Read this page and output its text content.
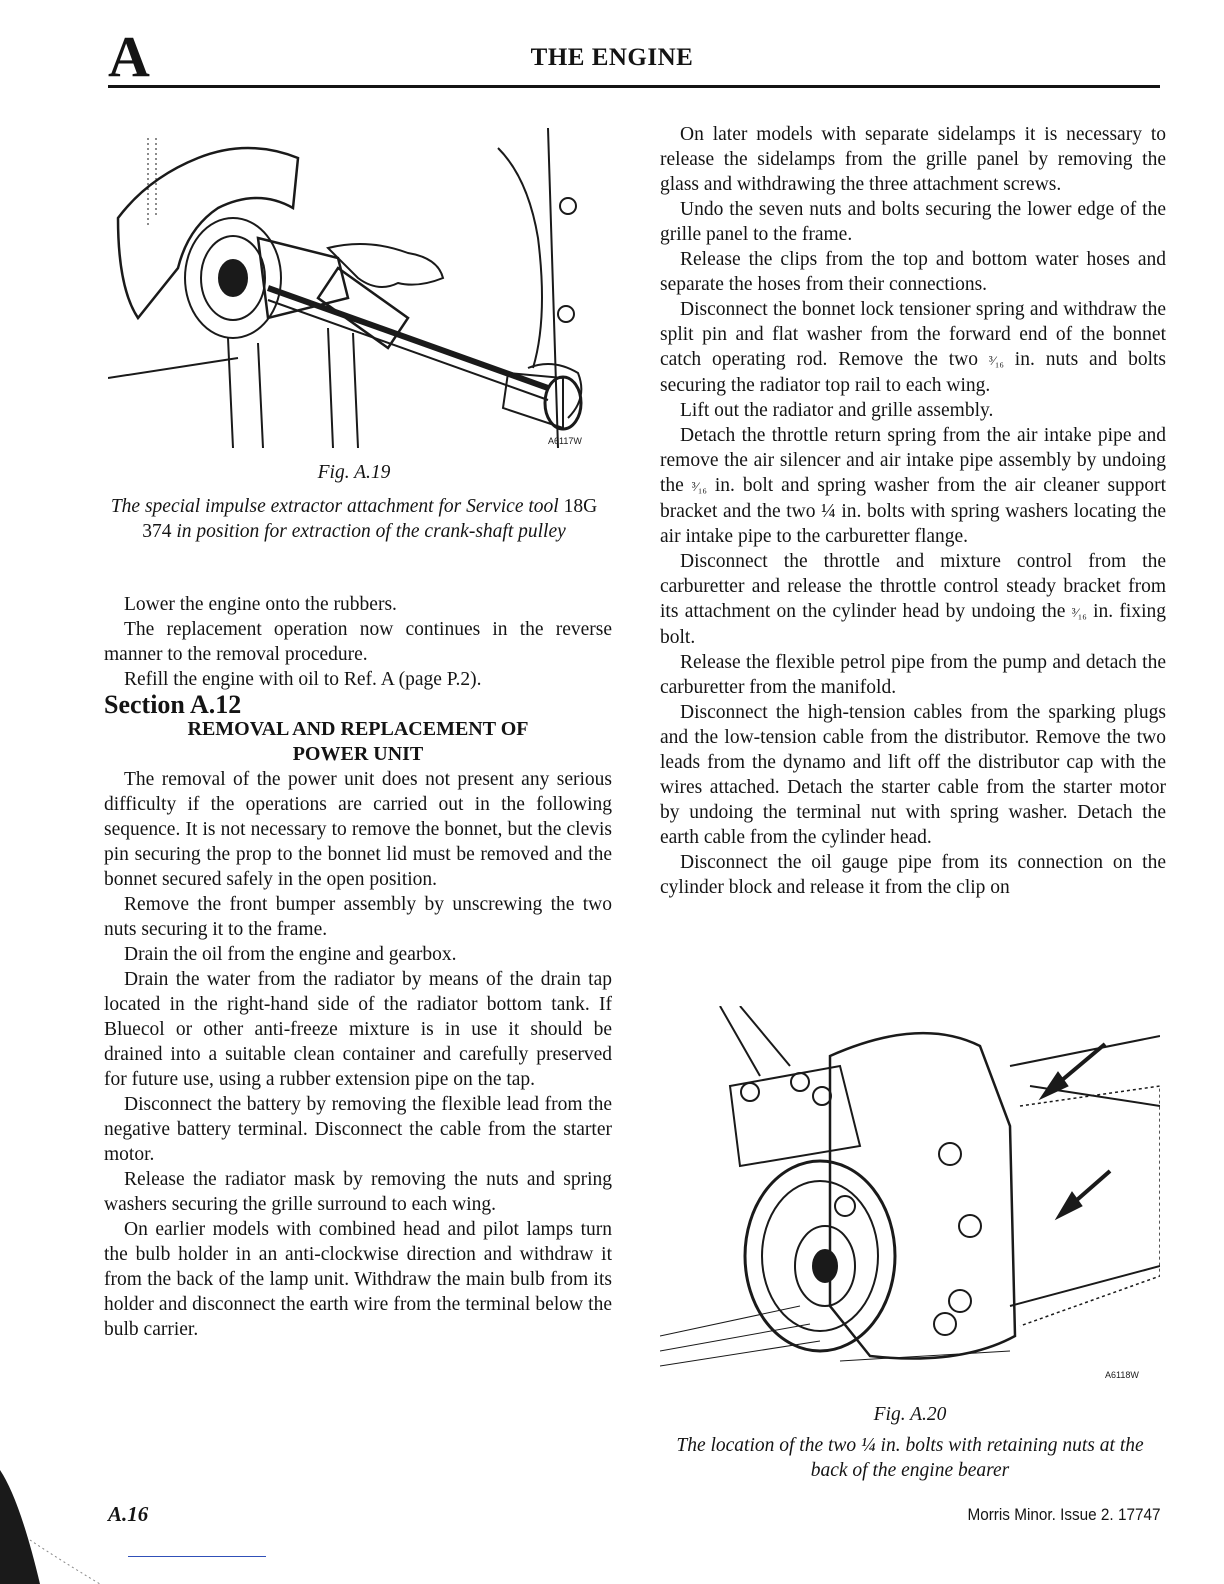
A	THE ENGINE
A6117W
Fig. A.19
The special impulse extractor attachment for Service tool 18G 374 in position for extraction of the crank-shaft pulley

Lower the engine onto the rubbers.

The replacement operation now continues in the reverse manner to the removal procedure.

Refill the engine with oil to Ref. A (page P.2).

Section A.12

REMOVAL AND REPLACEMENT OF
POWER UNIT

The removal of the power unit does not present any serious difficulty if the operations are carried out in the following sequence. It is not necessary to remove the bonnet, but the clevis pin securing the prop to the bonnet lid must be removed and the bonnet secured safely in the open position.

Remove the front bumper assembly by unscrewing the two nuts securing it to the frame.

Drain the oil from the engine and gearbox.

Drain the water from the radiator by means of the drain tap located in the right-hand side of the radiator bottom tank. If Bluecol or other anti-freeze mixture is in use it should be drained into a suitable clean container and carefully preserved for future use, using a rubber extension pipe on the tap.

Disconnect the battery by removing the flexible lead from the negative battery terminal. Disconnect the cable from the starter motor.

Release the radiator mask by removing the nuts and spring washers securing the grille surround to each wing.

On earlier models with combined head and pilot lamps turn the bulb holder in an anti-clockwise direction and withdraw it from the back of the lamp unit. Withdraw the main bulb from its holder and disconnect the earth wire from the terminal below the bulb carrier.

On later models with separate sidelamps it is necessary to release the sidelamps from the grille panel by removing the glass and withdrawing the three attachment screws.

Undo the seven nuts and bolts securing the lower edge of the grille panel to the frame.

Release the clips from the top and bottom water hoses and separate the hoses from their connections.

Disconnect the bonnet lock tensioner spring and withdraw the split pin and flat washer from the forward end of the bonnet catch operating rod. Remove the two ³⁄₁₆ in. nuts and bolts securing the radiator top rail to each wing.

Lift out the radiator and grille assembly.

Detach the throttle return spring from the air intake pipe and remove the air silencer and air intake pipe assembly by undoing the ³⁄₁₆ in. bolt and spring washer from the air cleaner support bracket and the two ¼ in. bolts with spring washers locating the air intake pipe to the carburetter flange.

Disconnect the throttle and mixture control from the carburetter and release the throttle control steady bracket from its attachment on the cylinder head by undoing the ³⁄₁₆ in. fixing bolt.

Release the flexible petrol pipe from the pump and detach the carburetter from the manifold.

Disconnect the high-tension cables from the sparking plugs and the low-tension cable from the distributor. Remove the two leads from the dynamo and lift off the distributor cap with the wires attached. Detach the starter cable from the starter motor by undoing the terminal nut with spring washer. Detach the earth cable from the cylinder head.

Disconnect the oil gauge pipe from its connection on the cylinder block and release it from the clip on

A6118W
Fig. A.20
The location of the two ¼ in. bolts with retaining nuts at the back of the engine bearer
A.16	Morris Minor. Issue 2. 17747
